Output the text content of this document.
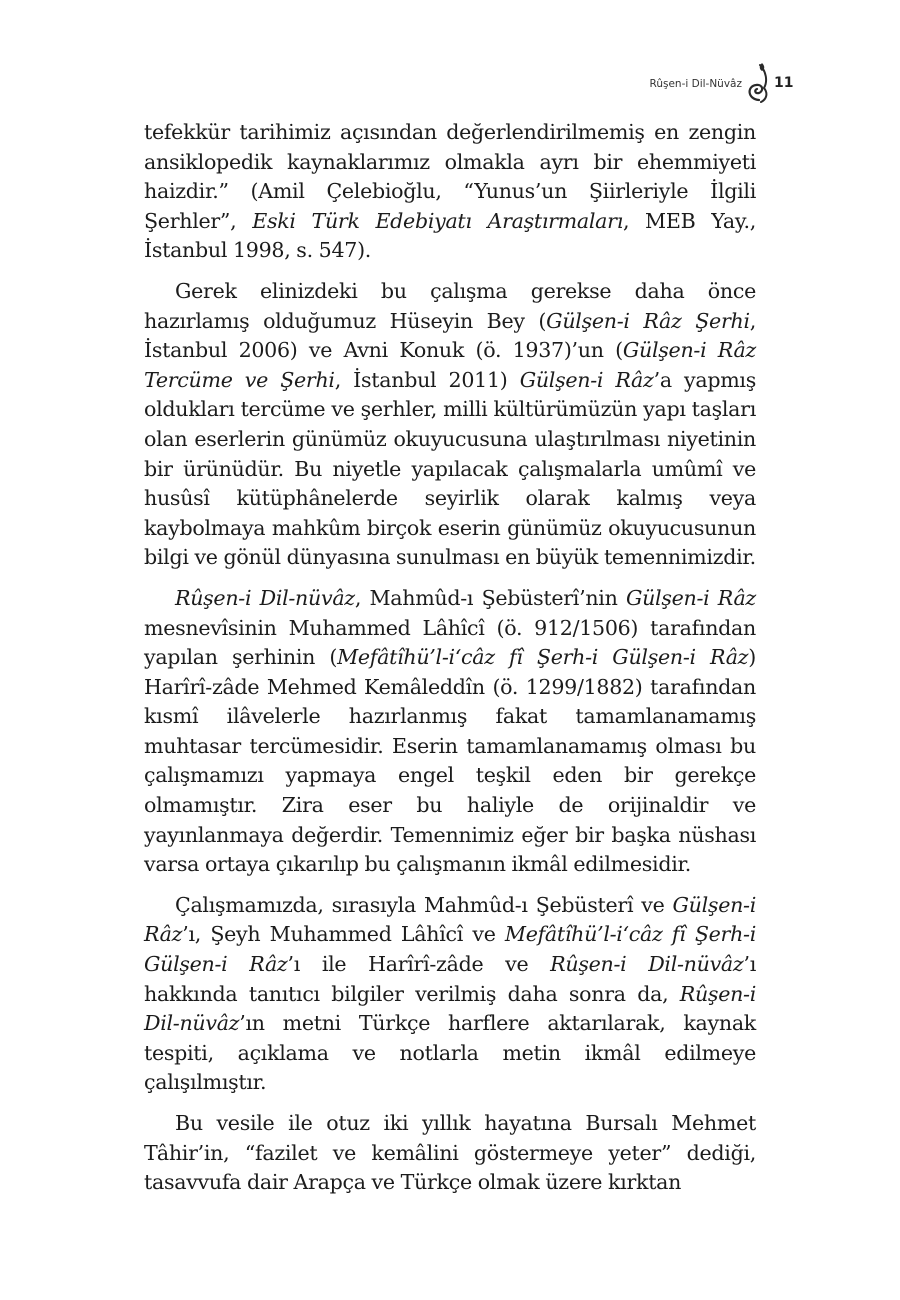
Rûşen-i Dil-Nüvâz 11

tefekkür tarihimiz açısından değerlendirilmemiş en zengin ansiklopedik kaynaklarımız olmakla ayrı bir ehemmiyeti haizdir.” (Amil Çelebioğlu, “Yunus’un Şiirleriyle İlgili Şerhler”, Eski Türk Edebiyatı Araştırmaları, MEB Yay., İstanbul 1998, s. 547).

Gerek elinizdeki bu çalışma gerekse daha önce hazırlamış olduğumuz Hüseyin Bey (Gülşen-i Râz Şerhi, İstanbul 2006) ve Avni Konuk (ö. 1937)’un (Gülşen-i Râz Tercüme ve Şerhi, İstanbul 2011) Gülşen-i Râz’a yapmış oldukları tercüme ve şerhler, milli kültürümüzün yapı taşları olan eserlerin günümüz okuyucusuna ulaştırılması niyetinin bir ürünüdür. Bu niyetle yapılacak çalışmalarla umûmî ve husûsî kütüphânelerde seyirlik olarak kalmış veya kaybolmaya mahkûm birçok eserin günümüz okuyucusunun bilgi ve gönül dünyasına sunulması en büyük temennimizdir.

Rûşen-i Dil-nüvâz, Mahmûd-ı Şebüsterî’nin Gülşen-i Râz mesnevîsinin Muhammed Lâhîcî (ö. 912/1506) tarafından yapılan şerhinin (Mefâtîhü’l-i‘câz fî Şerh-i Gülşen-i Râz) Harîrî-zâde Mehmed Kemâleddîn (ö. 1299/1882) tarafından kısmî ilâvelerle hazırlanmış fakat tamamlanamamış muhtasar tercümesidir. Eserin tamamlanamamış olması bu çalışmamızı yapmaya engel teşkil eden bir gerekçe olmamıştır. Zira eser bu haliyle de orijinaldir ve yayınlanmaya değerdir. Temennimiz eğer bir başka nüshası varsa ortaya çıkarılıp bu çalışmanın ikmâl edilmesidir.

Çalışmamızda, sırasıyla Mahmûd-ı Şebüsterî ve Gülşen-i Râz’ı, Şeyh Muhammed Lâhîcî ve Mefâtîhü’l-i‘câz fî Şerh-i Gülşen-i Râz’ı ile Harîrî-zâde ve Rûşen-i Dil-nüvâz’ı hakkında tanıtıcı bilgiler verilmiş daha sonra da, Rûşen-i Dil-nüvâz’ın metni Türkçe harflere aktarılarak, kaynak tespiti, açıklama ve notlarla metin ikmâl edilmeye çalışılmıştır.

Bu vesile ile otuz iki yıllık hayatına Bursalı Mehmet Tâhir’in, “fazilet ve kemâlini göstermeye yeter” dediği, tasavvufa dair Arapça ve Türkçe olmak üzere kırktan
